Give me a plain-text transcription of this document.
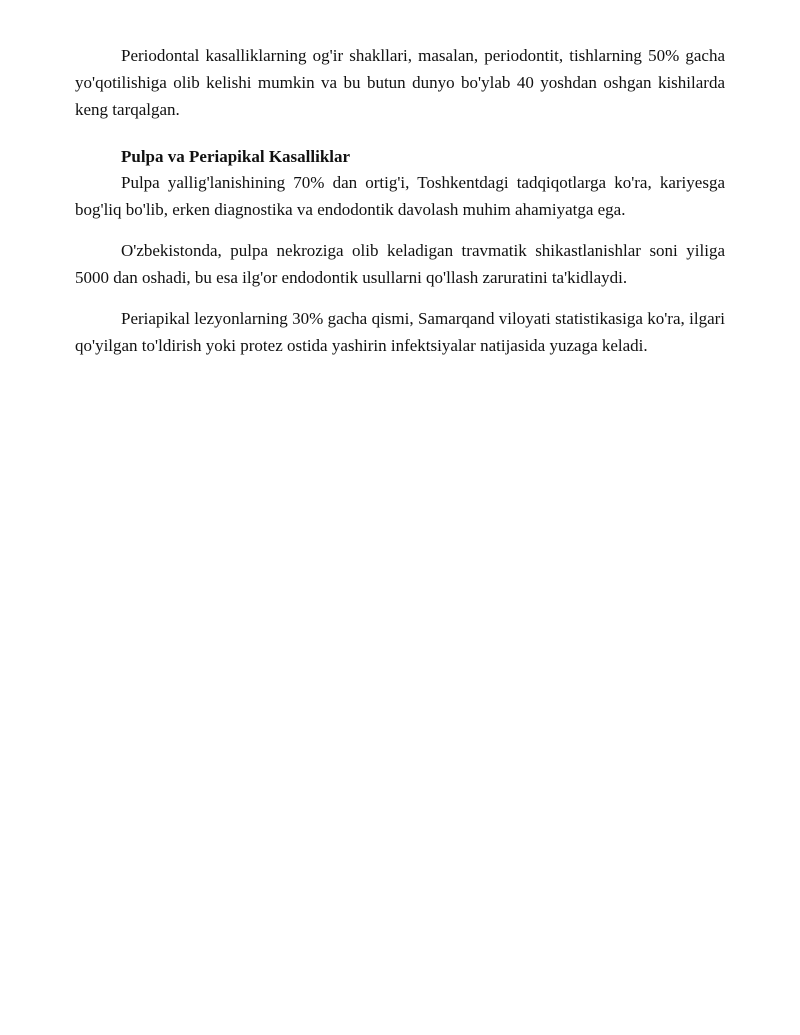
Periodontal kasalliklarning og'ir shakllari, masalan, periodontit, tishlarning 50% gacha yo'qotilishiga olib kelishi mumkin va bu butun dunyo bo'ylab 40 yoshdan oshgan kishilarda keng tarqalgan.

Pulpa va Periapikal Kasalliklar

Pulpa yallig'lanishining 70% dan ortig'i, Toshkentdagi tadqiqotlarga ko'ra, kariyesga bog'liq bo'lib, erken diagnostika va endodontik davolash muhim ahamiyatga ega.

O'zbekistonda, pulpa nekroziga olib keladigan travmatik shikastlanishlar soni yiliga 5000 dan oshadi, bu esa ilg'or endodontik usullarni qo'llash zaruratini ta'kidlaydi.

Periapikal lezyonlarning 30% gacha qismi, Samarqand viloyati statistikasiga ko'ra, ilgari qo'yilgan to'ldirish yoki protez ostida yashirin infektsiyalar natijasida yuzaga keladi.
